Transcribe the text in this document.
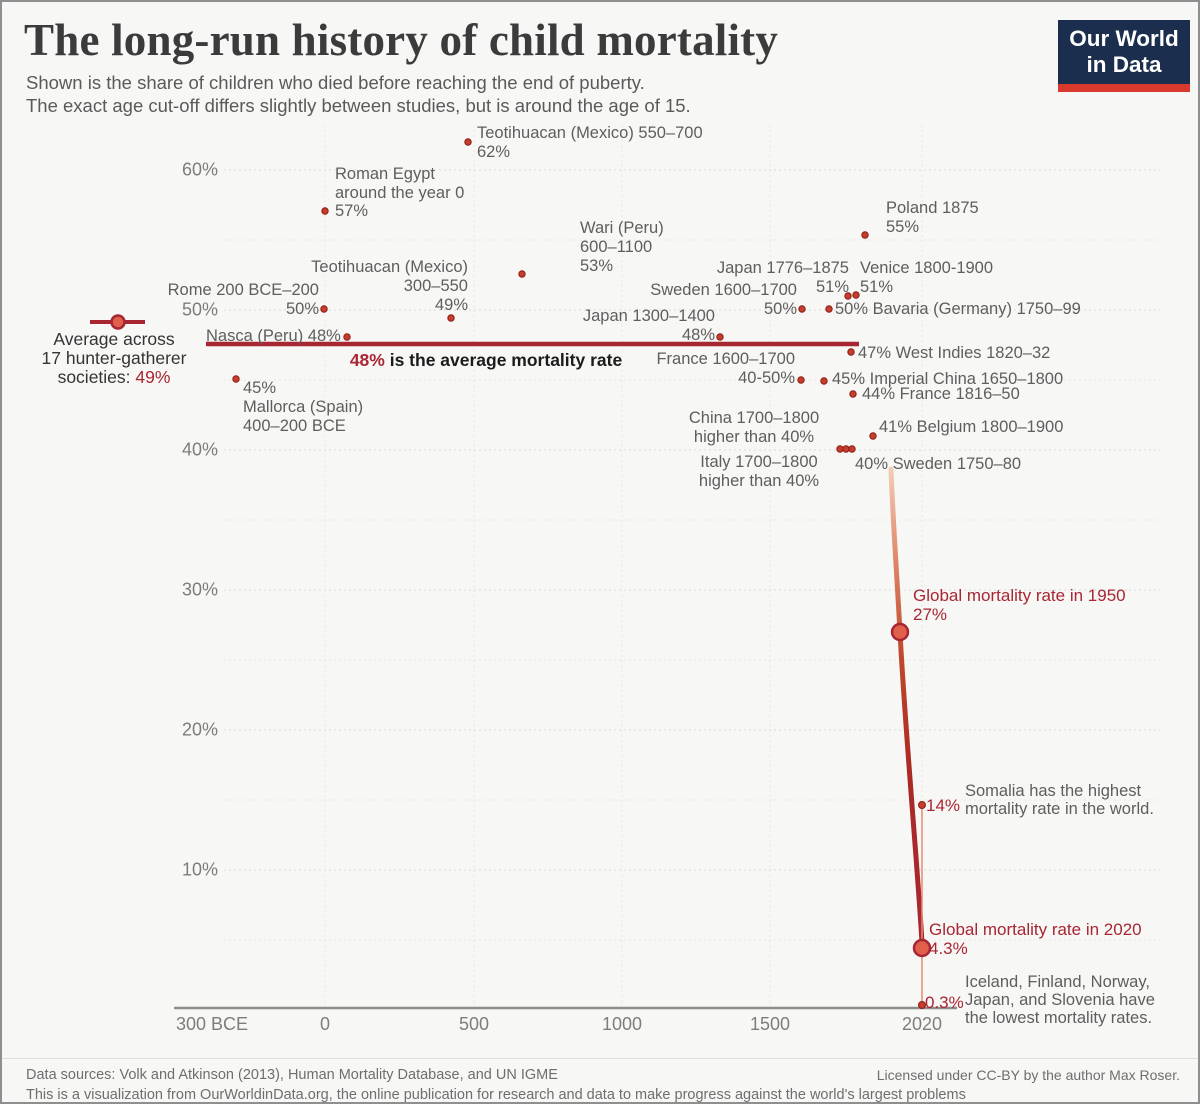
The long-run history of child mortality
Shown is the share of children who died before reaching the end of puberty.
The exact age cut-off differs slightly between studies, but is around the age of 15.
Our World
in Data
60%
50%
40%
30%
20%
10%
300 BCE	0	500	1000	1500	2020
Teotihuacan (Mexico) 550–700
62%
Roman Egypt
around the year 0
57%
Wari (Peru)
600–1100
53%
Poland 1875
55%
Japan 1776–1875
51%
Venice 1800-1900
51%
Teotihuacan (Mexico)
300–550
49%
Rome 200 BCE–200
50%
Sweden 1600–1700
50% 50% Bavaria (Germany) 1750–99
Japan 1300–1400
48%
Nasca (Peru) 48%
Average across
17 hunter-gatherer
societies: 49%
47% West Indies 1820–32
48% is the average mortality rate France 1600–1700
40-50% 45% Imperial China 1650–1800
44% France 1816–50
45%
Mallorca (Spain)
400–200 BCE	41% Belgium 1800–1900
China 1700–1800
higher than 40%
Italy 1700–1800
higher than 40%
40% Sweden 1750–80
Global mortality rate in 1950
27%
14%
Somalia has the highest
mortality rate in the world.
Global mortality rate in 2020
4.3%
0.3%
Iceland, Finland, Norway,
Japan, and Slovenia have
the lowest mortality rates.
Data sources: Volk and Atkinson (2013), Human Mortality Database, and UN IGME
This is a visualization from OurWorldinData.org, the online publication for research and data to make progress against the world's largest problems
Licensed under CC-BY by the author Max Roser.
